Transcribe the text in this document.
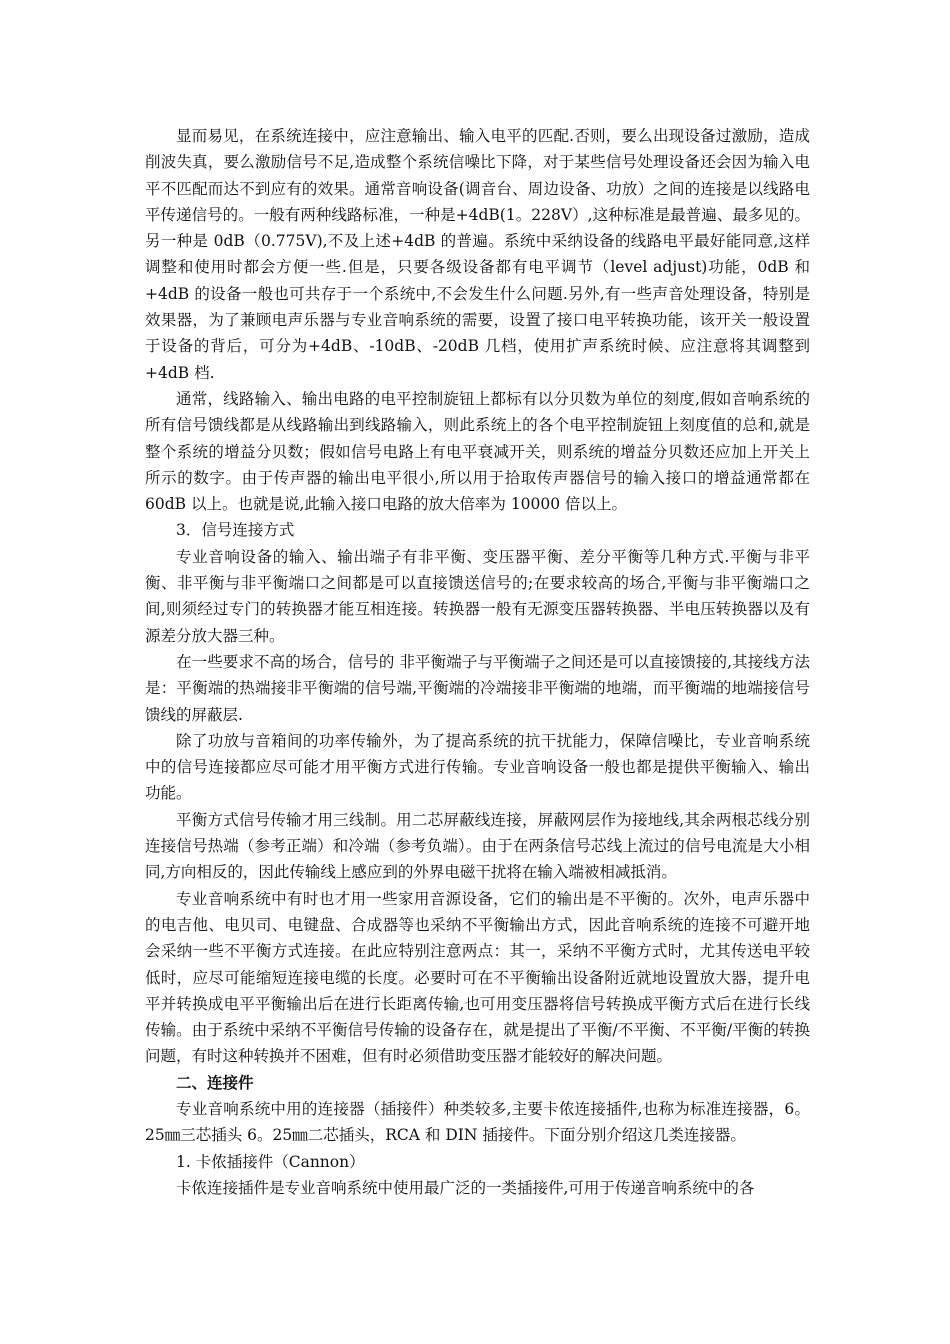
显而易见，在系统连接中，应注意输出、输入电平的匹配.否则，要么出现设备过激励，造成削波失真，要么激励信号不足,造成整个系统信噪比下降，对于某些信号处理设备还会因为输入电平不匹配而达不到应有的效果。通常音响设备(调音台、周边设备、功放）之间的连接是以线路电平传递信号的。一般有两种线路标准，一种是+4dB(1。228V）,这种标准是最普遍、最多见的。另一种是 0dB（0.775V),不及上述+4dB 的普遍。系统中采纳设备的线路电平最好能同意,这样调整和使用时都会方便一些.但是，只要各级设备都有电平调节（level adjust)功能，0dB 和+4dB 的设备一般也可共存于一个系统中,不会发生什么问题.另外,有一些声音处理设备，特别是效果器，为了兼顾电声乐器与专业音响系统的需要，设置了接口电平转换功能，该开关一般设置于设备的背后，可分为+4dB、-10dB、-20dB 几档，使用扩声系统时候、应注意将其调整到+4dB 档.

通常，线路输入、输出电路的电平控制旋钮上都标有以分贝数为单位的刻度,假如音响系统的所有信号馈线都是从线路输出到线路输入，则此系统上的各个电平控制旋钮上刻度值的总和,就是整个系统的增益分贝数；假如信号电路上有电平衰减开关，则系统的增益分贝数还应加上开关上所示的数字。由于传声器的输出电平很小,所以用于拾取传声器信号的输入接口的增益通常都在 60dB 以上。也就是说,此输入接口电路的放大倍率为 10000 倍以上。

3．信号连接方式

专业音响设备的输入、输出端子有非平衡、变压器平衡、差分平衡等几种方式.平衡与非平衡、非平衡与非平衡端口之间都是可以直接馈送信号的;在要求较高的场合,平衡与非平衡端口之间,则须经过专门的转换器才能互相连接。转换器一般有无源变压器转换器、半电压转换器以及有源差分放大器三种。

在一些要求不高的场合，信号的 非平衡端子与平衡端子之间还是可以直接馈接的,其接线方法是：平衡端的热端接非平衡端的信号端,平衡端的冷端接非平衡端的地端，而平衡端的地端接信号馈线的屏蔽层.

除了功放与音箱间的功率传输外，为了提高系统的抗干扰能力，保障信噪比，专业音响系统中的信号连接都应尽可能才用平衡方式进行传输。专业音响设备一般也都是提供平衡输入、输出功能。

平衡方式信号传输才用三线制。用二芯屏蔽线连接，屏蔽网层作为接地线,其余两根芯线分别连接信号热端（参考正端）和冷端（参考负端）。由于在两条信号芯线上流过的信号电流是大小相同,方向相反的，因此传输线上感应到的外界电磁干扰将在输入端被相减抵消。

专业音响系统中有时也才用一些家用音源设备，它们的输出是不平衡的。次外，电声乐器中的电吉他、电贝司、电键盘、合成器等也采纳不平衡输出方式，因此音响系统的连接不可避开地会采纳一些不平衡方式连接。在此应特别注意两点：其一，采纳不平衡方式时，尤其传送电平较低时，应尽可能缩短连接电缆的长度。必要时可在不平衡输出设备附近就地设置放大器，提升电平并转换成电平平衡输出后在进行长距离传输,也可用变压器将信号转换成平衡方式后在进行长线传输。由于系统中采纳不平衡信号传输的设备存在，就是提出了平衡/不平衡、不平衡/平衡的转换问题，有时这种转换并不困难，但有时必须借助变压器才能较好的解决问题。

二、连接件

专业音响系统中用的连接器（插接件）种类较多,主要卡侬连接插件,也称为标准连接器，6。25㎜三芯插头 6。25㎜二芯插头，RCA 和 DIN 插接件。下面分别介绍这几类连接器。

1. 卡侬插接件（Cannon）

卡侬连接插件是专业音响系统中使用最广泛的一类插接件,可用于传递音响系统中的各
